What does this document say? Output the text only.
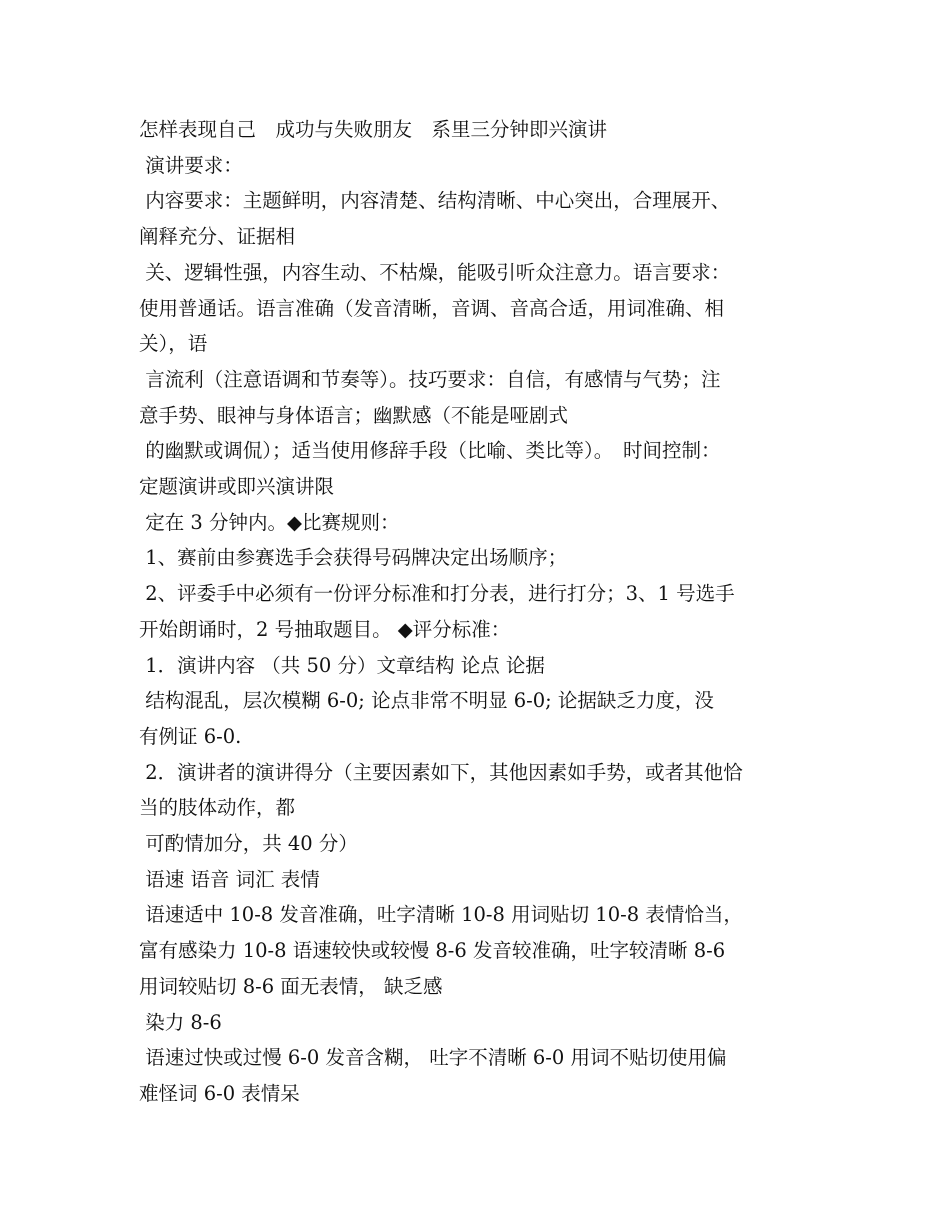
怎样表现自己　成功与失败朋友　系里三分钟即兴演讲
演讲要求：
内容要求：主题鲜明，内容清楚、结构清晰、中心突出，合理展开、
阐释充分、证据相
关、逻辑性强，内容生动、不枯燥，能吸引听众注意力。语言要求：
使用普通话。语言准确（发音清晰，音调、音高合适，用词准确、相
关），语
言流利（注意语调和节奏等）。技巧要求：自信，有感情与气势；注
意手势、眼神与身体语言；幽默感（不能是哑剧式
的幽默或调侃）；适当使用修辞手段（比喻、类比等）。　时间控制：
定题演讲或即兴演讲限
定在 3 分钟内。◆比赛规则：
1、赛前由参赛选手会获得号码牌决定出场顺序；
2、评委手中必须有一份评分标准和打分表，进行打分；3、1 号选手
开始朗诵时，2 号抽取题目。 ◆评分标准：
1．演讲内容 （共 50 分）文章结构 论点 论据
结构混乱，层次模糊 6-0; 论点非常不明显 6-0; 论据缺乏力度，没
有例证 6-0.
2．演讲者的演讲得分（主要因素如下，其他因素如手势，或者其他恰
当的肢体动作，都
可酌情加分，共 40 分）
语速 语音 词汇 表情
语速适中 10-8 发音准确，吐字清晰 10-8 用词贴切 10-8 表情恰当，
富有感染力 10-8 语速较快或较慢 8-6 发音较准确，吐字较清晰 8-6
用词较贴切 8-6 面无表情， 缺乏感
染力 8-6
语速过快或过慢 6-0 发音含糊， 吐字不清晰 6-0 用词不贴切使用偏
难怪词 6-0 表情呆
